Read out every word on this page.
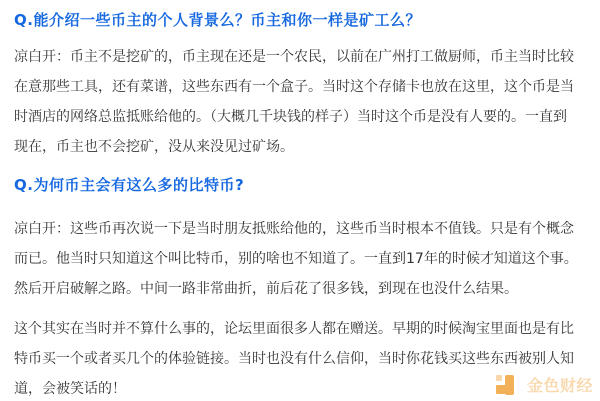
Q.能介绍一些币主的个人背景么？币主和你一样是矿工么？

凉白开：币主不是挖矿的，币主现在还是一个农民，以前在广州打工做厨师，币主当时比较在意那些工具，还有菜谱，这些东西有一个盒子。当时这个存储卡也放在这里，这个币是当时酒店的网络总监抵账给他的。（大概几千块钱的样子）当时这个币是没有人要的。一直到现在，币主也不会挖矿，没从来没见过矿场。

Q.为何币主会有这么多的比特币?

凉白开：这些币再次说一下是当时朋友抵账给他的，这些币当时根本不值钱。只是有个概念而已。他当时只知道这个叫比特币，别的啥也不知道了。一直到17年的时候才知道这个事。然后开启破解之路。中间一路非常曲折，前后花了很多钱，到现在也没什么结果。

这个其实在当时并不算什么事的，论坛里面很多人都在赠送。早期的时候淘宝里面也是有比特币买一个或者买几个的体验链接。当时也没有什么信仰，当时你花钱买这些东西被别人知道，会被笑话的！	金色财经
